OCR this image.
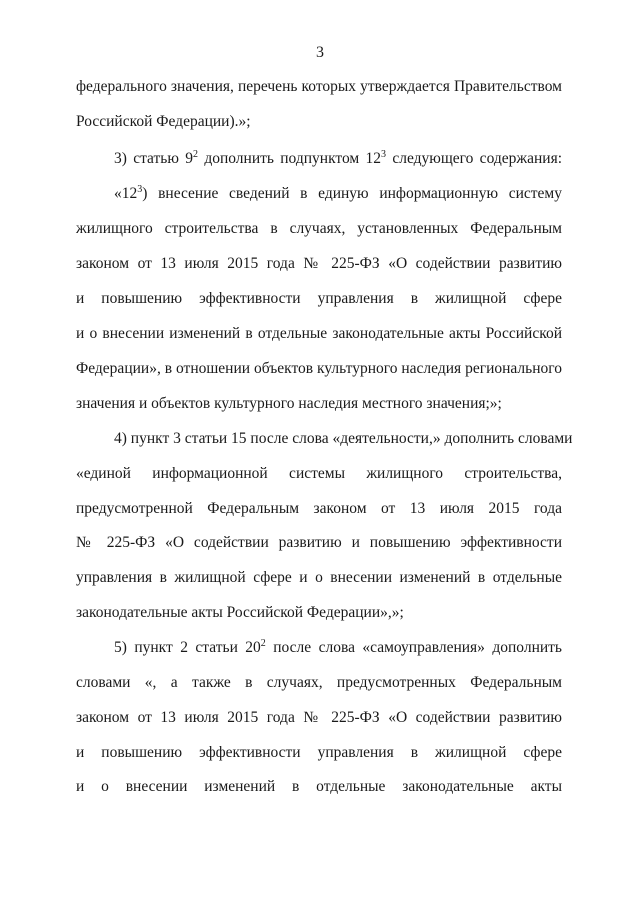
3
федерального значения, перечень которых утверждается Правительством
Российской Федерации).»;
3) статью $9^2$ дополнить подпунктом $12^3$ следующего содержания:
«$12^3$) внесение сведений в единую информационную систему
жилищного строительства в случаях, установленных Федеральным
законом от 13 июля 2015 года № 225-ФЗ «О содействии развитию
и повышению эффективности управления в жилищной сфере
и о внесении изменений в отдельные законодательные акты Российской
Федерации», в отношении объектов культурного наследия регионального
значения и объектов культурного наследия местного значения;»;
4) пункт 3 статьи 15 после слова «деятельности,» дополнить словами
«единой информационной системы жилищного строительства,
предусмотренной Федеральным законом от 13 июля 2015 года
№ 225-ФЗ «О содействии развитию и повышению эффективности
управления в жилищной сфере и о внесении изменений в отдельные
законодательные акты Российской Федерации»,»;
5) пункт 2 статьи $20^2$ после слова «самоуправления» дополнить
словами «, а также в случаях, предусмотренных Федеральным
законом от 13 июля 2015 года № 225-ФЗ «О содействии развитию
и повышению эффективности управления в жилищной сфере
и о внесении изменений в отдельные законодательные акты
